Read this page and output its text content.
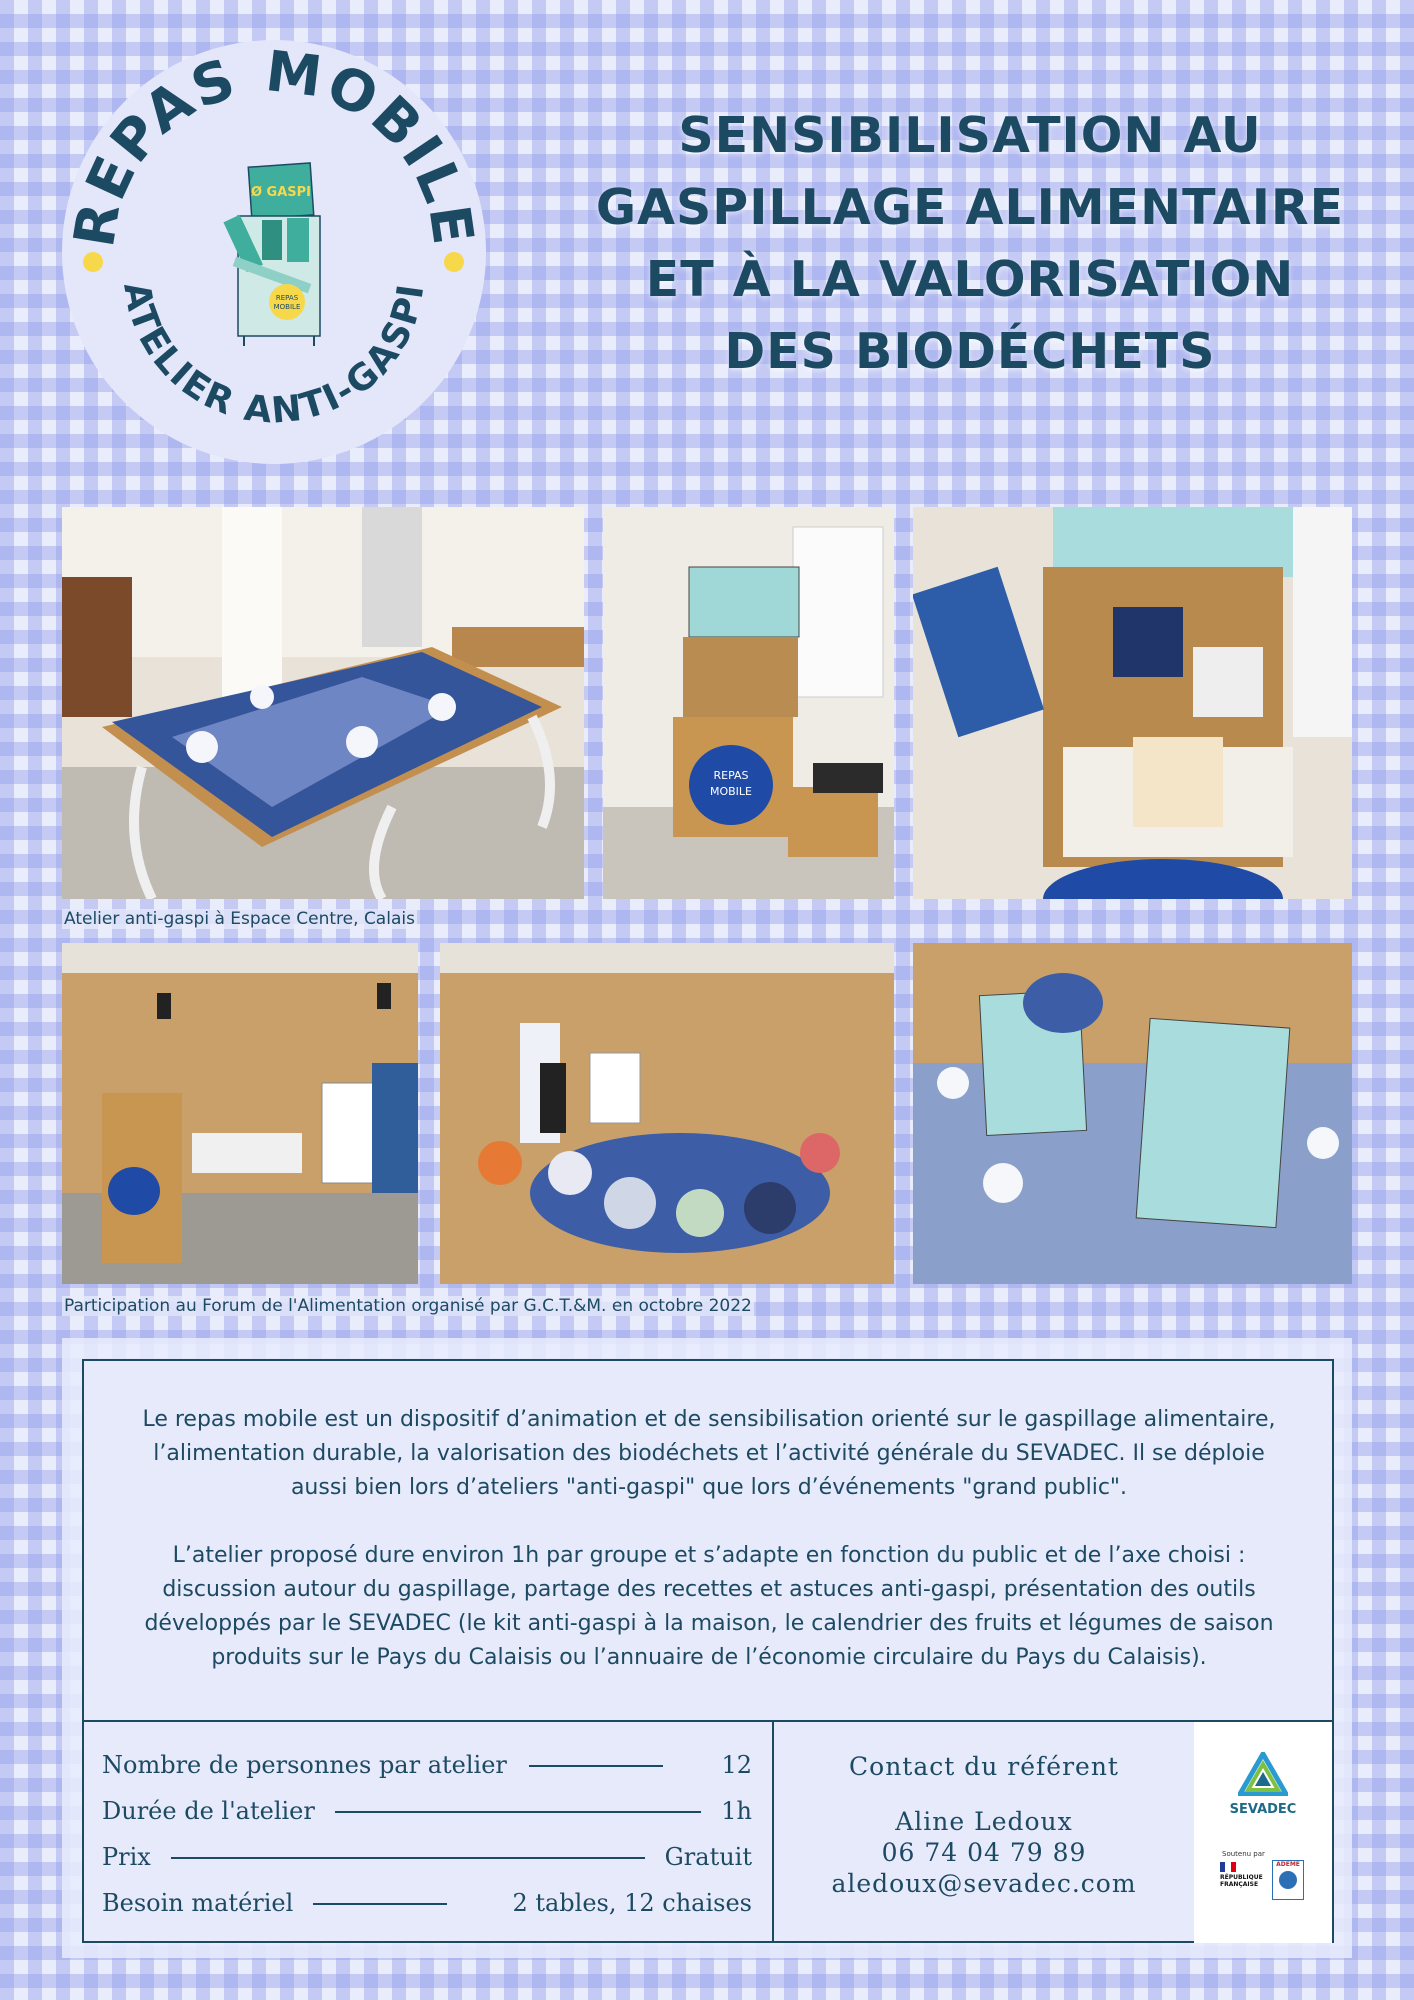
REPAS MOBILE
ATELIER ANTI-GASPI
Ø GASPI
REPAS
MOBILE
SENSIBILISATION AU
GASPILLAGE ALIMENTAIRE
ET À LA VALORISATION
DES BIODÉCHETS
REPAS
MOBILE
Atelier anti-gaspi à Espace Centre, Calais
Participation au Forum de l'Alimentation organisé par G.C.T.&M. en octobre 2022

Le repas mobile est un dispositif d’animation et de sensibilisation orienté sur le gaspillage alimentaire, l’alimentation durable, la valorisation des biodéchets et l’activité générale du SEVADEC. Il se déploie aussi bien lors d’ateliers "anti-gaspi" que lors d’événements "grand public".

L’atelier proposé dure environ 1h par groupe et s’adapte en fonction du public et de l’axe choisi : discussion autour du gaspillage, partage des recettes et astuces anti-gaspi, présentation des outils développés par le SEVADEC (le kit anti-gaspi à la maison, le calendrier des fruits et légumes de saison produits sur le Pays du Calaisis ou l’annuaire de l’économie circulaire du Pays du Calaisis).

Nombre de personnes par atelier	12
Durée de l'atelier	1h
Prix	Gratuit
Besoin matériel	2 tables, 12 chaises
Contact du référent
Aline Ledoux
06 74 04 79 89
aledoux@sevadec.com
SEVADEC
Soutenu par
RÉPUBLIQUE FRANÇAISE
ADEME
